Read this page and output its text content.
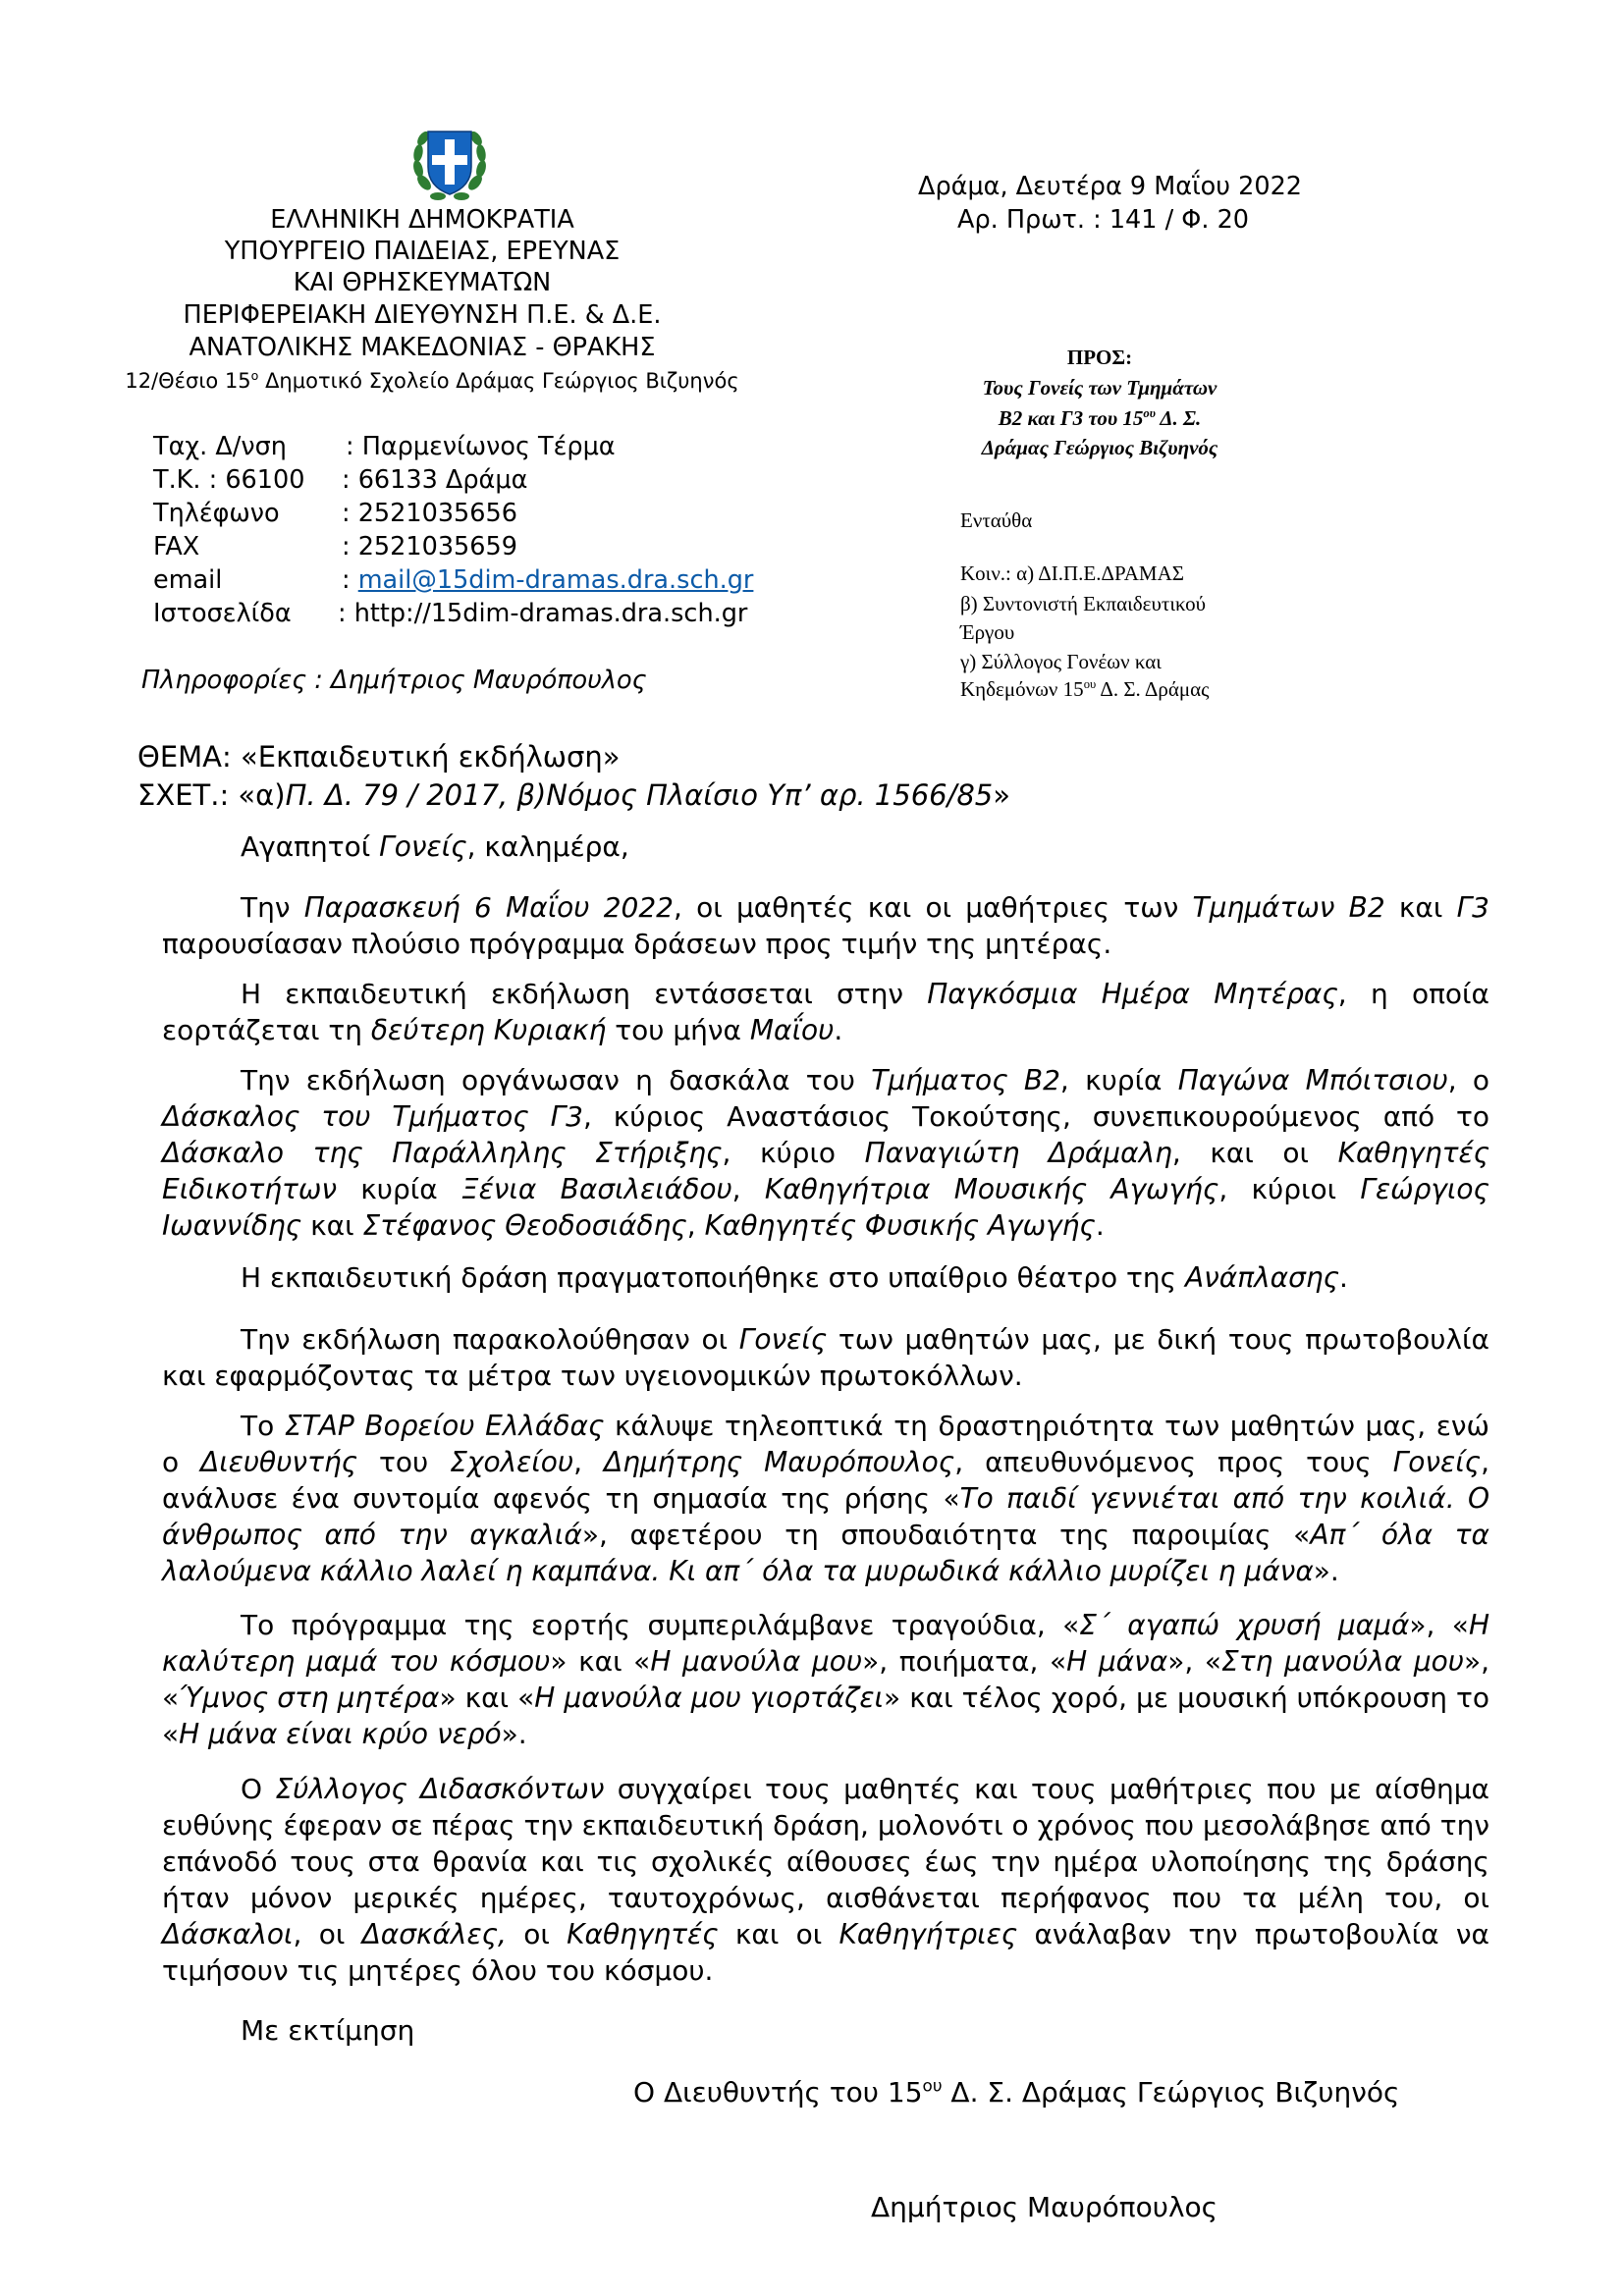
ΕΛΛΗΝΙΚΗ ΔΗΜΟΚΡΑΤΙΑ
ΥΠΟΥΡΓΕΙΟ ΠΑΙΔΕΙΑΣ, ΕΡΕΥΝΑΣ
ΚΑΙ ΘΡΗΣΚΕΥΜΑΤΩΝ
ΠΕΡΙΦΕΡΕΙΑΚΗ ΔΙΕΥΘΥΝΣΗ Π.Ε. & Δ.Ε.
ΑΝΑΤΟΛΙΚΗΣ ΜΑΚΕΔΟΝΙΑΣ - ΘΡΑΚΗΣ
12/Θέσιο $15^o$ Δημοτικό Σχολείο Δράμας Γεώργιος Βιζυηνός
Ταχ. Δ/νση : Παρμενίωνος Τέρμα
Τ.Κ. : 66100 : 66133 Δράμα
Τηλέφωνο : 2521035656
FAX	: 2521035659
email	: mail@15dim-dramas.dra.sch.gr
Ιστοσελίδα : http://15dim-dramas.dra.sch.gr
Πληροφορίες : Δημήτριος Μαυρόπουλος
Δράμα, Δευτέρα 9 Μαΐου 2022
Αρ. Πρωτ. : 141 / Φ. 20
ΠΡΟΣ:
Τους Γονείς των Τμημάτων
Β2 και Γ3 του $15^{o\upsilon}$ Δ. Σ.
Δράμας Γεώργιος Βιζυηνός
Ενταύθα
Κοιν.: α) ΔΙ.Π.Ε.ΔΡΑΜΑΣ
β) Συντονιστή Εκπαιδευτικού
Έργου
γ) Σύλλογος Γονέων και
Κηδεμόνων $15^{o\upsilon}$ Δ. Σ. Δράμας
ΘΕΜΑ: «Εκπαιδευτική εκδήλωση»
ΣΧΕΤ.: «α)Π. Δ. 79 / 2017, β)Νόμος Πλαίσιο Υπ’ αρ. 1566/85»

Αγαπητοί Γονείς, καλημέρα,

Την Παρασκευή 6 Μαΐου 2022, οι μαθητές και οι μαθήτριες των Τμημάτων Β2 και Γ3 παρουσίασαν πλούσιο πρόγραμμα δράσεων προς τιμήν της μητέρας.

Η εκπαιδευτική εκδήλωση εντάσσεται στην Παγκόσμια Ημέρα Μητέρας, η οποία εορτάζεται τη δεύτερη Κυριακή του μήνα Μαΐου.

Την εκδήλωση οργάνωσαν η δασκάλα του Τμήματος Β2, κυρία Παγώνα Μπόιτσιου, ο Δάσκαλος του Τμήματος Γ3, κύριος Αναστάσιος Τοκούτσης, συνεπικουρούμενος από το Δάσκαλο της Παράλληλης Στήριξης, κύριο Παναγιώτη Δράμαλη, και οι Καθηγητές Ειδικοτήτων κυρία Ξένια Βασιλειάδου, Καθηγήτρια Μουσικής Αγωγής, κύριοι Γεώργιος Ιωαννίδης και Στέφανος Θεοδοσιάδης, Καθηγητές Φυσικής Αγωγής.

Η εκπαιδευτική δράση πραγματοποιήθηκε στο υπαίθριο θέατρο της Ανάπλασης.

Την εκδήλωση παρακολούθησαν οι Γονείς των μαθητών μας, με δική τους πρωτοβουλία και εφαρμόζοντας τα μέτρα των υγειονομικών πρωτοκόλλων.

Το ΣΤΑΡ Βορείου Ελλάδας κάλυψε τηλεοπτικά τη δραστηριότητα των μαθητών μας, ενώ ο Διευθυντής του Σχολείου, Δημήτρης Μαυρόπουλος, απευθυνόμενος προς τους Γονείς, ανάλυσε ένα συντομία αφενός τη σημασία της ρήσης «Το παιδί γεννιέται από την κοιλιά. Ο άνθρωπος από την αγκαλιά», αφετέρου τη σπουδαιότητα της παροιμίας «Απ΄ όλα τα λαλούμενα κάλλιο λαλεί η καμπάνα. Κι απ΄ όλα τα μυρωδικά κάλλιο μυρίζει η μάνα».

Το πρόγραμμα της εορτής συμπεριλάμβανε τραγούδια, «Σ΄ αγαπώ χρυσή μαμά», «Η καλύτερη μαμά του κόσμου» και «Η μανούλα μου», ποιήματα, «Η μάνα», «Στη μανούλα μου», «Ύμνος στη μητέρα» και «Η μανούλα μου γιορτάζει» και τέλος χορό, με μουσική υπόκρουση το «Η μάνα είναι κρύο νερό».

Ο Σύλλογος Διδασκόντων συγχαίρει τους μαθητές και τους μαθήτριες που με αίσθημα ευθύνης έφεραν σε πέρας την εκπαιδευτική δράση, μολονότι ο χρόνος που μεσολάβησε από την επάνοδό τους στα θρανία και τις σχολικές αίθουσες έως την ημέρα υλοποίησης της δράσης ήταν μόνον μερικές ημέρες, ταυτοχρόνως, αισθάνεται περήφανος που τα μέλη του, οι Δάσκαλοι, οι Δασκάλες, οι Καθηγητές και οι Καθηγήτριες ανάλαβαν την πρωτοβουλία να τιμήσουν τις μητέρες όλου του κόσμου.

Με εκτίμηση

Ο Διευθυντής του $15^{o\upsilon}$ Δ. Σ. Δράμας Γεώργιος Βιζυηνός
Δημήτριος Μαυρόπουλος
